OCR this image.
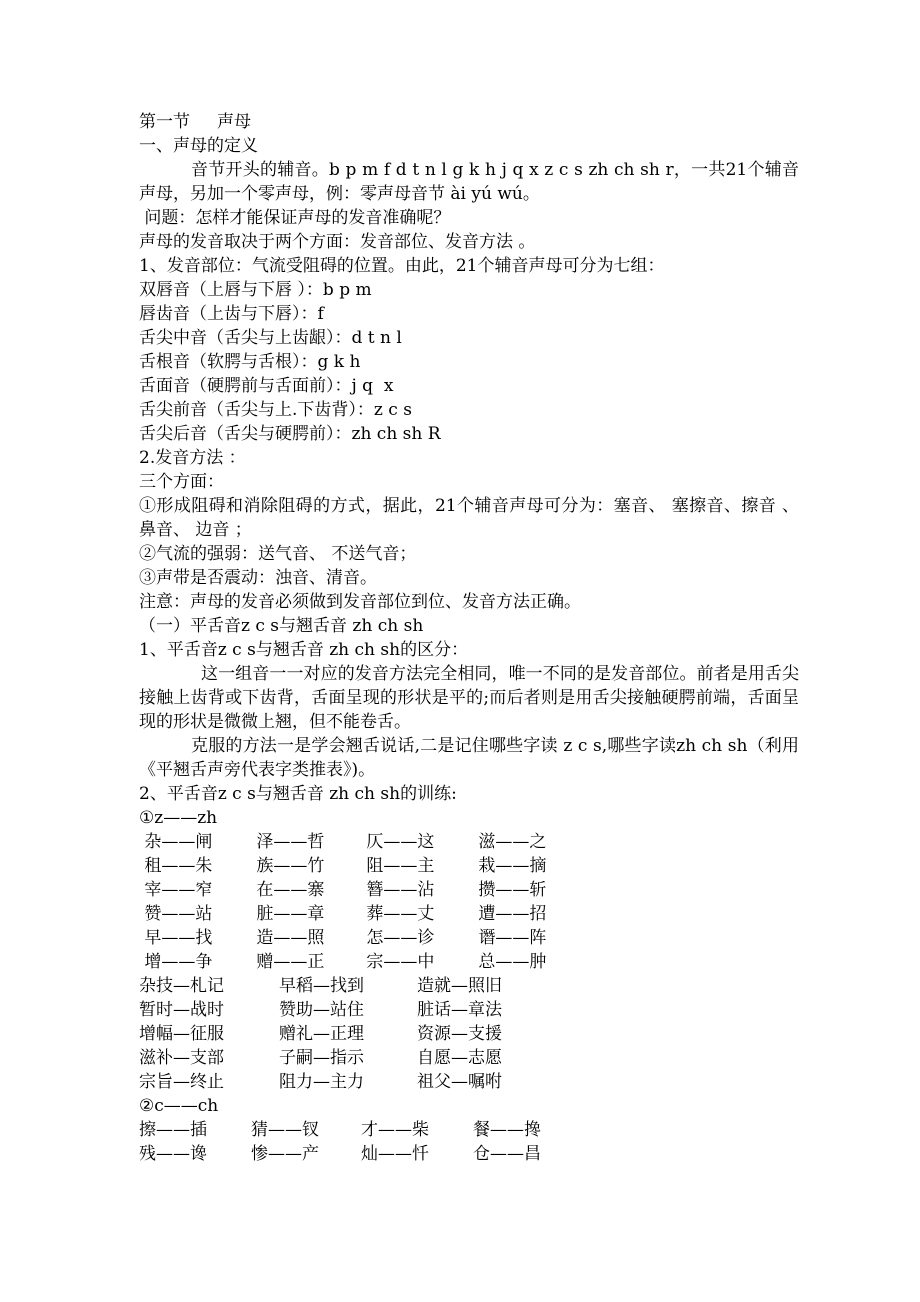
第一节     声母
一、声母的定义
音节开头的辅音。b p m f d t n l g k h j q x z c s zh ch sh r，一共21个辅音声母，另加一个零声母，例：零声母音节 ài yú wú。
问题：怎样才能保证声母的发音准确呢？
声母的发音取决于两个方面：发音部位、发音方法 。
1、发音部位：气流受阻碍的位置。由此，21个辅音声母可分为七组：
双唇音（上唇与下唇 ）：b p m
唇齿音（上齿与下唇）：f
舌尖中音（舌尖与上齿龈）：d t n l
舌根音（软腭与舌根）：g k h
舌面音（硬腭前与舌面前）：j q  x
舌尖前音（舌尖与上.下齿背）：z c s
舌尖后音（舌尖与硬腭前）：zh ch sh R
2.发音方法 ：
三个方面：
①形成阻碍和消除阻碍的方式，据此，21个辅音声母可分为：塞音、 塞擦音、擦音 、鼻音、 边音 ；
②气流的强弱：送气音、 不送气音；
③声带是否震动：浊音、清音。
注意：声母的发音必须做到发音部位到位、发音方法正确。
（一）平舌音z c s与翘舌音 zh ch sh
1、平舌音z c s与翘舌音 zh ch sh的区分：
这一组音一一对应的发音方法完全相同，唯一不同的是发音部位。前者是用舌尖接触上齿背或下齿背，舌面呈现的形状是平的;而后者则是用舌尖接触硬腭前端，舌面呈现的形状是微微上翘，但不能卷舌。
克服的方法一是学会翘舌说话,二是记住哪些字读 z c s,哪些字读zh ch sh（利用《平翘舌声旁代表字类推表》)。
2、平舌音z c s与翘舌音 zh ch sh的训练:
①z——zh
杂——闸	泽——哲	仄——这	滋——之
租——朱	族——竹	阻——主	栽——摘
宰——窄	在——寨	簪——沾	攒——斩
赞——站	脏——章	葬——丈	遭——招
早——找	造——照	怎——诊	谮——阵
增——争	赠——正	宗——中	总——肿
杂技—札记	早稻—找到	造就—照旧
暂时—战时	赞助—站住	脏话—章法
增幅—征服	赠礼—正理	资源—支援
滋补—支部	子嗣—指示	自愿—志愿
宗旨—终止	阻力—主力	祖父—嘱咐
②c——ch
擦——插	猜——钗	才——柴	餐——搀
残——谗	惨——产	灿——忏	仓——昌
